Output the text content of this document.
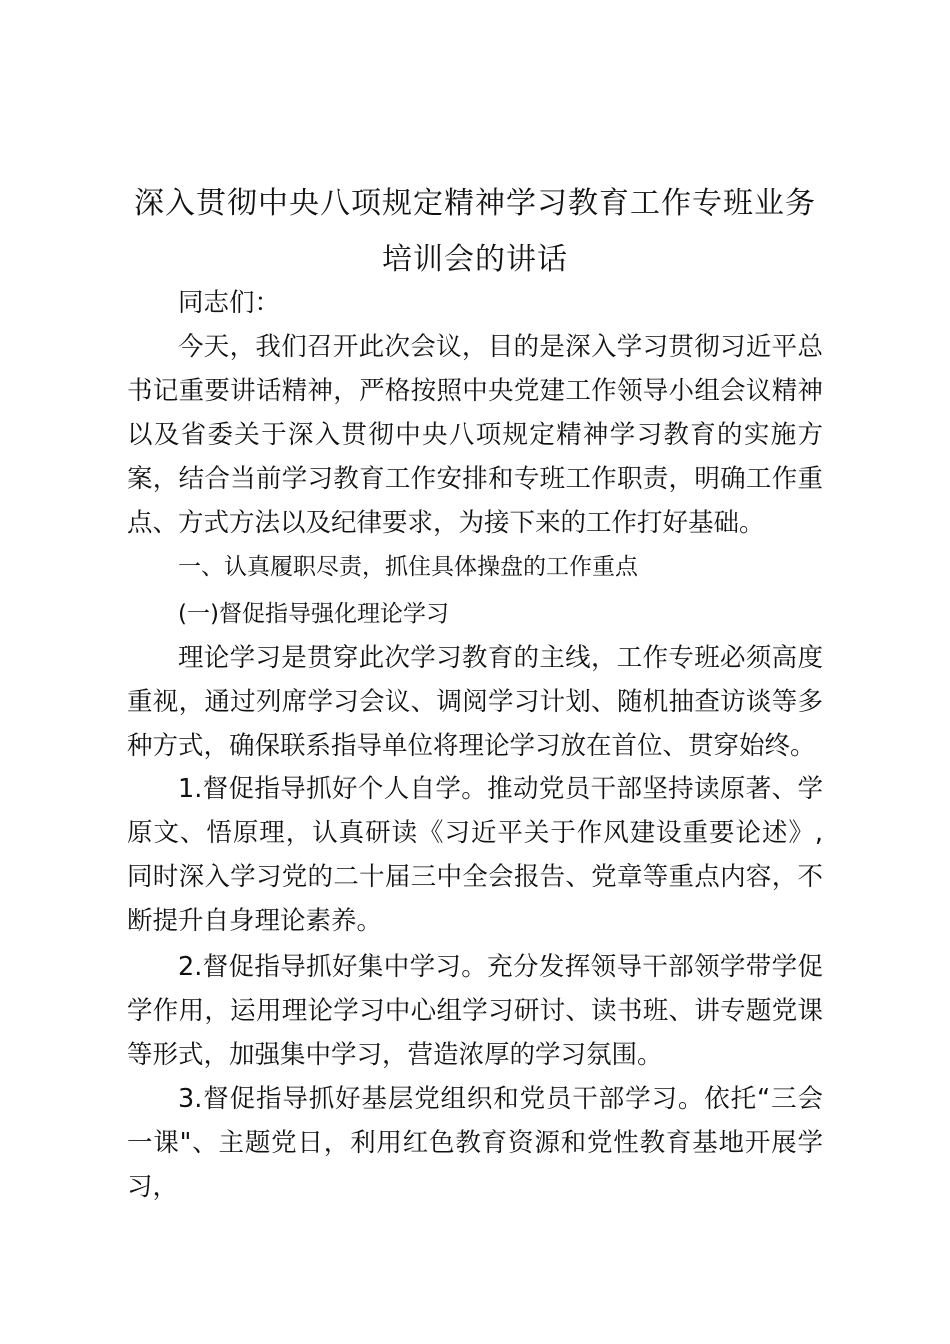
深入贯彻中央八项规定精神学习教育工作专班业务培训会的讲话

同志们：

今天，我们召开此次会议，目的是深入学习贯彻习近平总书记重要讲话精神，严格按照中央党建工作领导小组会议精神以及省委关于深入贯彻中央八项规定精神学习教育的实施方案，结合当前学习教育工作安排和专班工作职责，明确工作重点、方式方法以及纪律要求，为接下来的工作打好基础。

一、认真履职尽责，抓住具体操盘的工作重点

(一)督促指导强化理论学习

理论学习是贯穿此次学习教育的主线，工作专班必须高度重视，通过列席学习会议、调阅学习计划、随机抽查访谈等多种方式，确保联系指导单位将理论学习放在首位、贯穿始终。

1.督促指导抓好个人自学。推动党员干部坚持读原著、学原文、悟原理，认真研读《习近平关于作风建设重要论述》,同时深入学习党的二十届三中全会报告、党章等重点内容，不断提升自身理论素养。

2.督促指导抓好集中学习。充分发挥领导干部领学带学促学作用，运用理论学习中心组学习研讨、读书班、讲专题党课等形式，加强集中学习，营造浓厚的学习氛围。

3.督促指导抓好基层党组织和党员干部学习。依托“三会一课"、主题党日，利用红色教育资源和党性教育基地开展学习，
